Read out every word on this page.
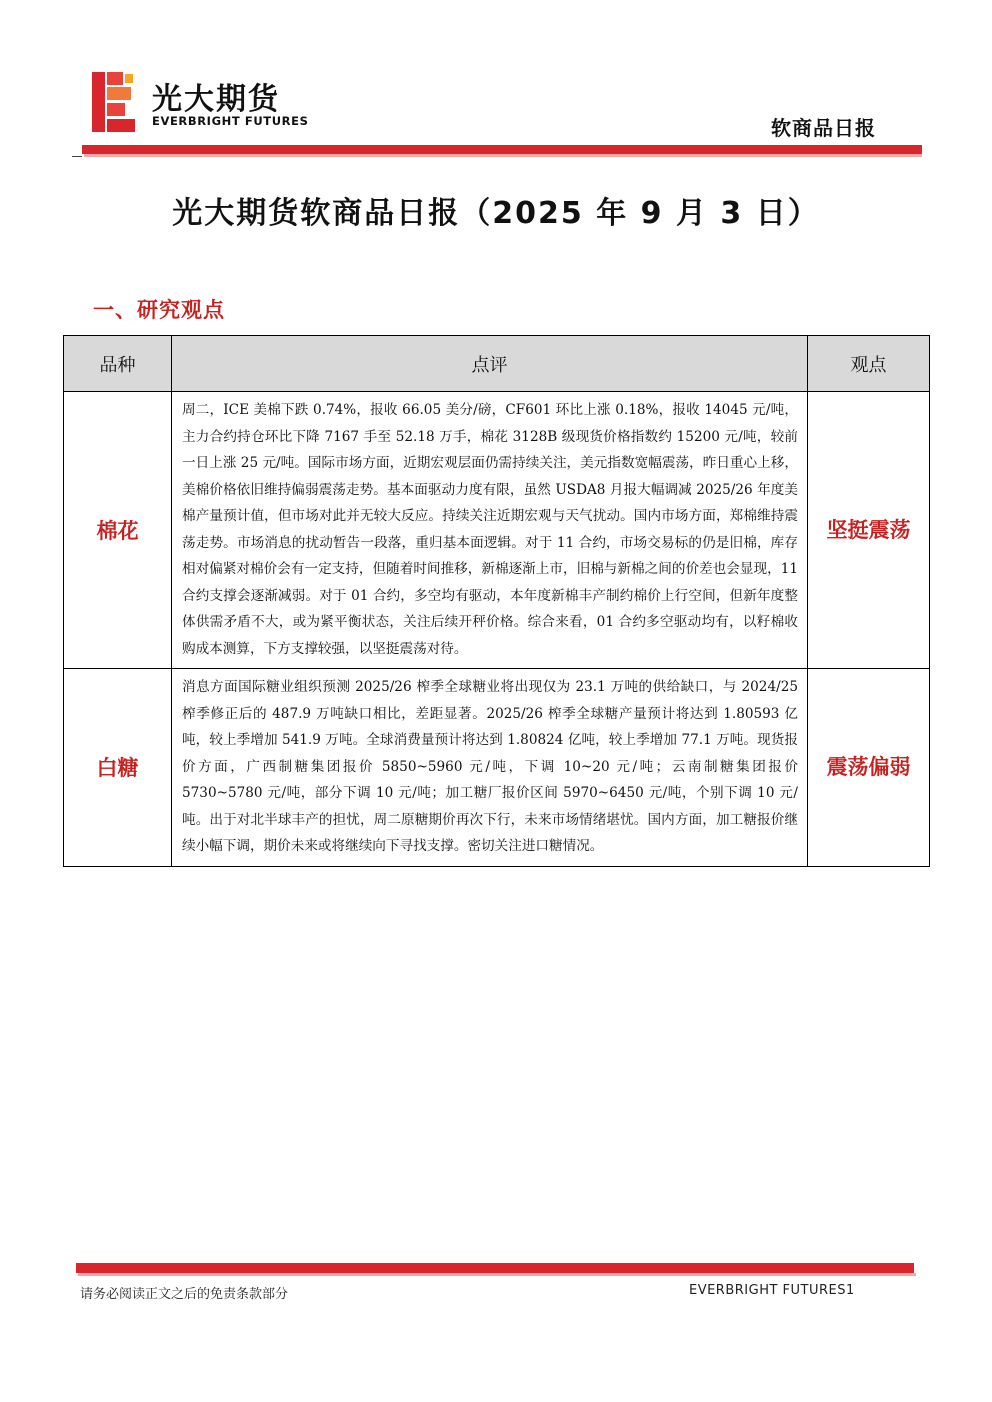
光大期货
EVERBRIGHT FUTURES	软商品日报
光大期货软商品日报（2025 年 9 月 3 日）
一、研究观点
品种	点评	观点
棉花	周二，ICE 美棉下跌 0.74%，报收 66.05 美分/磅，CF601 环比上涨 0.18%，报收 14045 元/吨，主力合约持仓环比下降 7167 手至 52.18 万手，棉花 3128B 级现货价格指数约 15200 元/吨，较前一日上涨 25 元/吨。国际市场方面，近期宏观层面仍需持续关注，美元指数宽幅震荡，昨日重心上移，美棉价格依旧维持偏弱震荡走势。基本面驱动力度有限，虽然 USDA8 月报大幅调减 2025/26 年度美棉产量预计值，但市场对此并无较大反应。持续关注近期宏观与天气扰动。国内市场方面，郑棉维持震荡走势。市场消息的扰动暂告一段落，重归基本面逻辑。对于 11 合约，市场交易标的仍是旧棉，库存相对偏紧对棉价会有一定支持，但随着时间推移，新棉逐渐上市，旧棉与新棉之间的价差也会显现，11 合约支撑会逐渐减弱。对于 01 合约，多空均有驱动，本年度新棉丰产制约棉价上行空间，但新年度整体供需矛盾不大，或为紧平衡状态，关注后续开秤价格。综合来看，01 合约多空驱动均有，以籽棉收购成本测算，下方支撑较强，以坚挺震荡对待。	坚挺震荡
白糖	消息方面国际糖业组织预测 2025/26 榨季全球糖业将出现仅为 23.1 万吨的供给缺口，与 2024/25 榨季修正后的 487.9 万吨缺口相比，差距显著。2025/26 榨季全球糖产量预计将达到 1.80593 亿吨，较上季增加 541.9 万吨。全球消费量预计将达到 1.80824 亿吨，较上季增加 77.1 万吨。现货报价方面，广西制糖集团报价 5850~5960 元/吨，下调 10~20 元/吨；云南制糖集团报价 5730~5780 元/吨，部分下调 10 元/吨；加工糖厂报价区间 5970~6450 元/吨，个别下调 10 元/吨。出于对北半球丰产的担忧，周二原糖期价再次下行，未来市场情绪堪忧。国内方面，加工糖报价继续小幅下调，期价未来或将继续向下寻找支撑。密切关注进口糖情况。	震荡偏弱
请务必阅读正文之后的免责条款部分	EVERBRIGHT FUTURES 1
